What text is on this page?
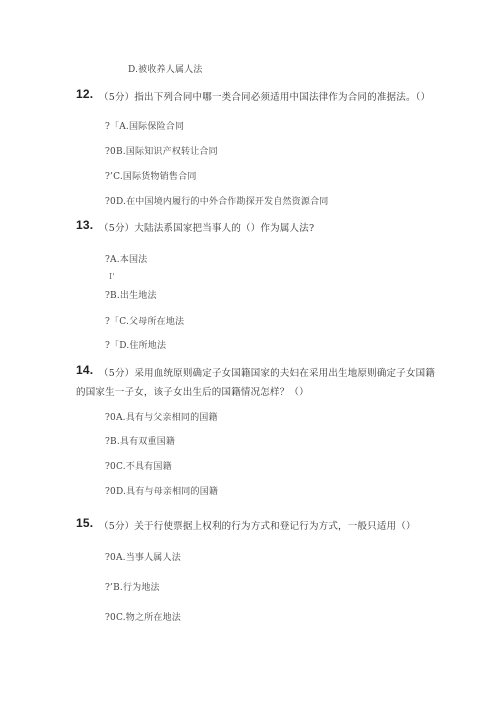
D.被收养人属人法
12. （5分）指出下列合同中哪一类合同必须适用中国法律作为合同的准据法。（）
?「A.国际保险合同
?0B.国际知识产权转让合同
?’C.国际货物销售合同
?0D.在中国境内履行的中外合作勘探开发自然资源合同
13. （5分）大陆法系国家把当事人的（）作为属人法?
?A.本国法
I'
?B.出生地法
?「C.父母所在地法
?「D.住所地法
14. （5分）采用血统原则确定子女国籍国家的夫妇在采用出生地原则确定子女国籍
的国家生一子女，该子女出生后的国籍情况怎样？（）
?0A.具有与父亲相同的国籍
?B.具有双重国籍
?0C.不具有国籍
?0D.具有与母亲相同的国籍
15. （5分）关于行使票据上权利的行为方式和登记行为方式，一般只适用（）
?0A.当事人属人法
?’B.行为地法
?0C.物之所在地法
